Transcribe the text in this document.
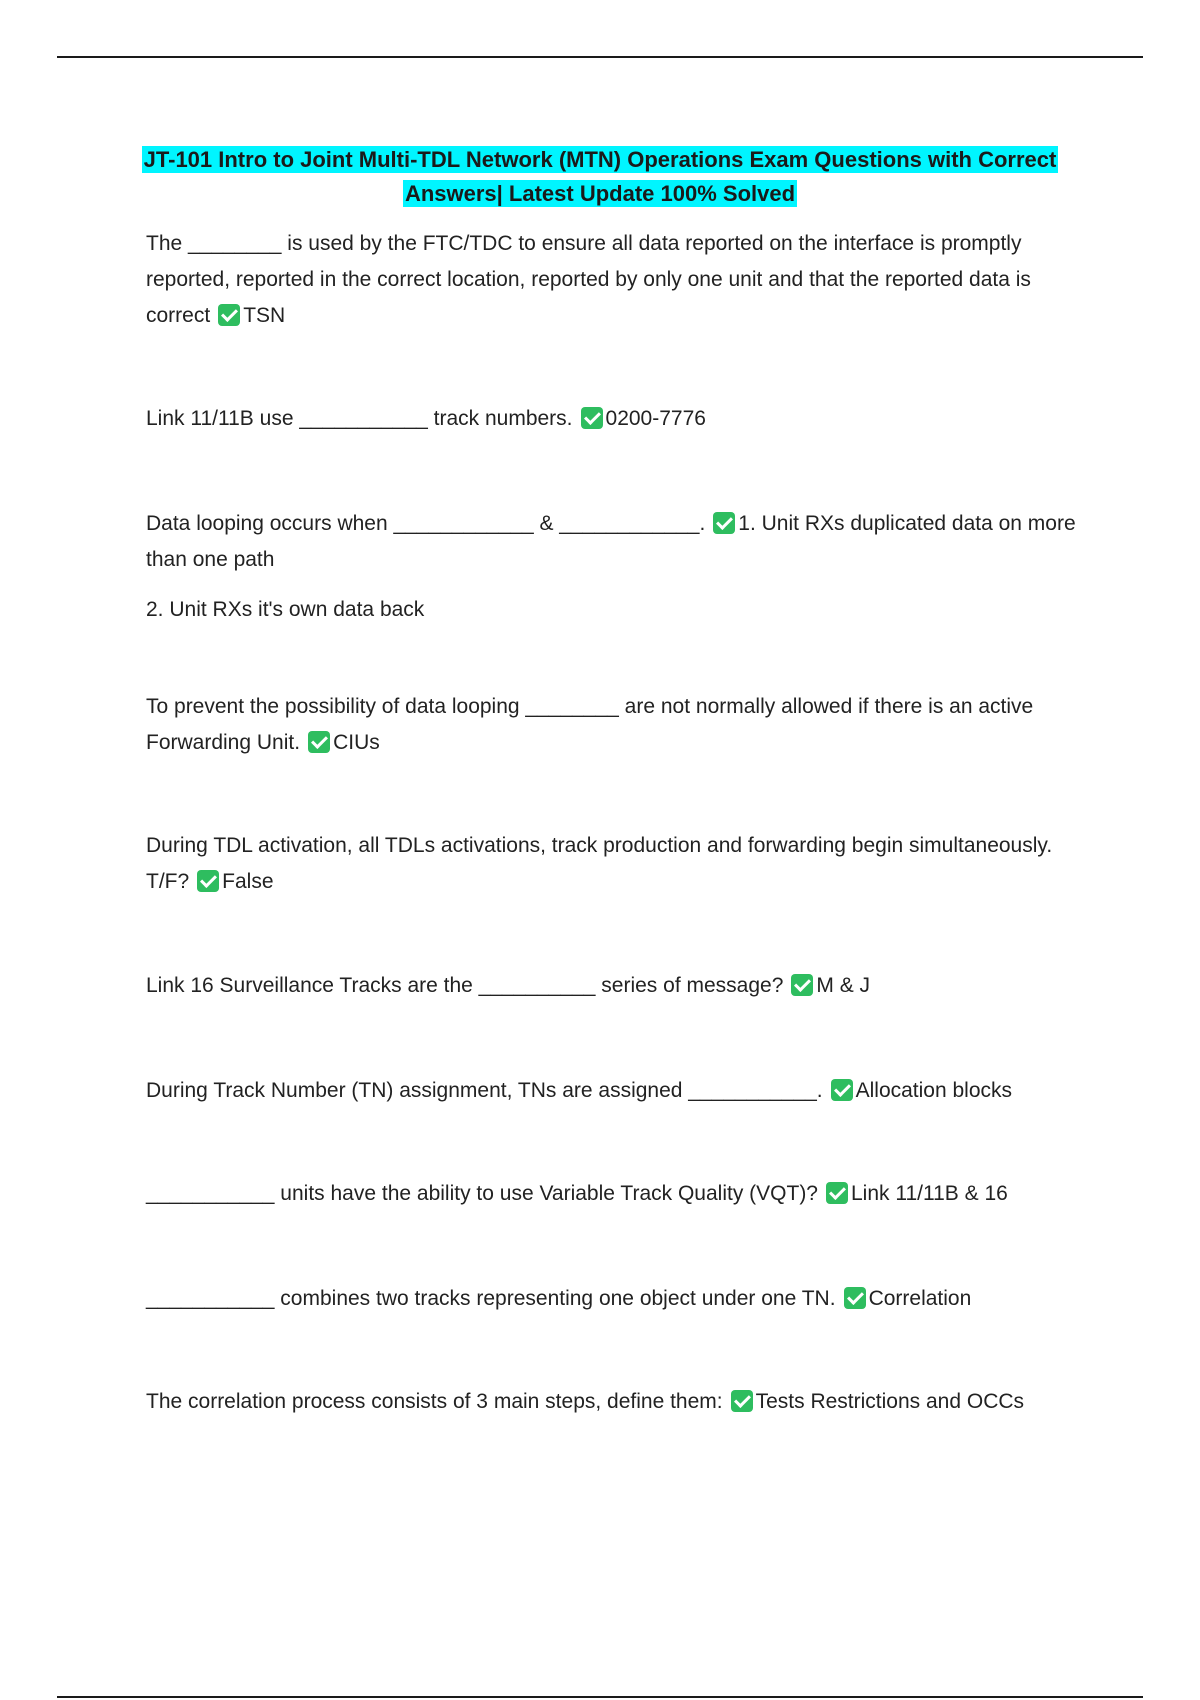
JT-101 Intro to Joint Multi-TDL Network (MTN) Operations Exam Questions with Correct
Answers| Latest Update 100% Solved
The ________ is used by the FTC/TDC to ensure all data reported on the interface is promptly reported, reported in the correct location, reported by only one unit and that the reported data is correct TSN
Link 11/11B use ___________ track numbers. 0200-7776
Data looping occurs when ____________ & ____________. 1. Unit RXs duplicated data on more than one path
2. Unit RXs it's own data back
To prevent the possibility of data looping ________ are not normally allowed if there is an active Forwarding Unit. CIUs
During TDL activation, all TDLs activations, track production and forwarding begin simultaneously. T/F? False
Link 16 Surveillance Tracks are the __________ series of message? M & J
During Track Number (TN) assignment, TNs are assigned ___________. Allocation blocks
___________ units have the ability to use Variable Track Quality (VQT)? Link 11/11B & 16
___________ combines two tracks representing one object under one TN. Correlation
The correlation process consists of 3 main steps, define them: Tests Restrictions and OCCs
